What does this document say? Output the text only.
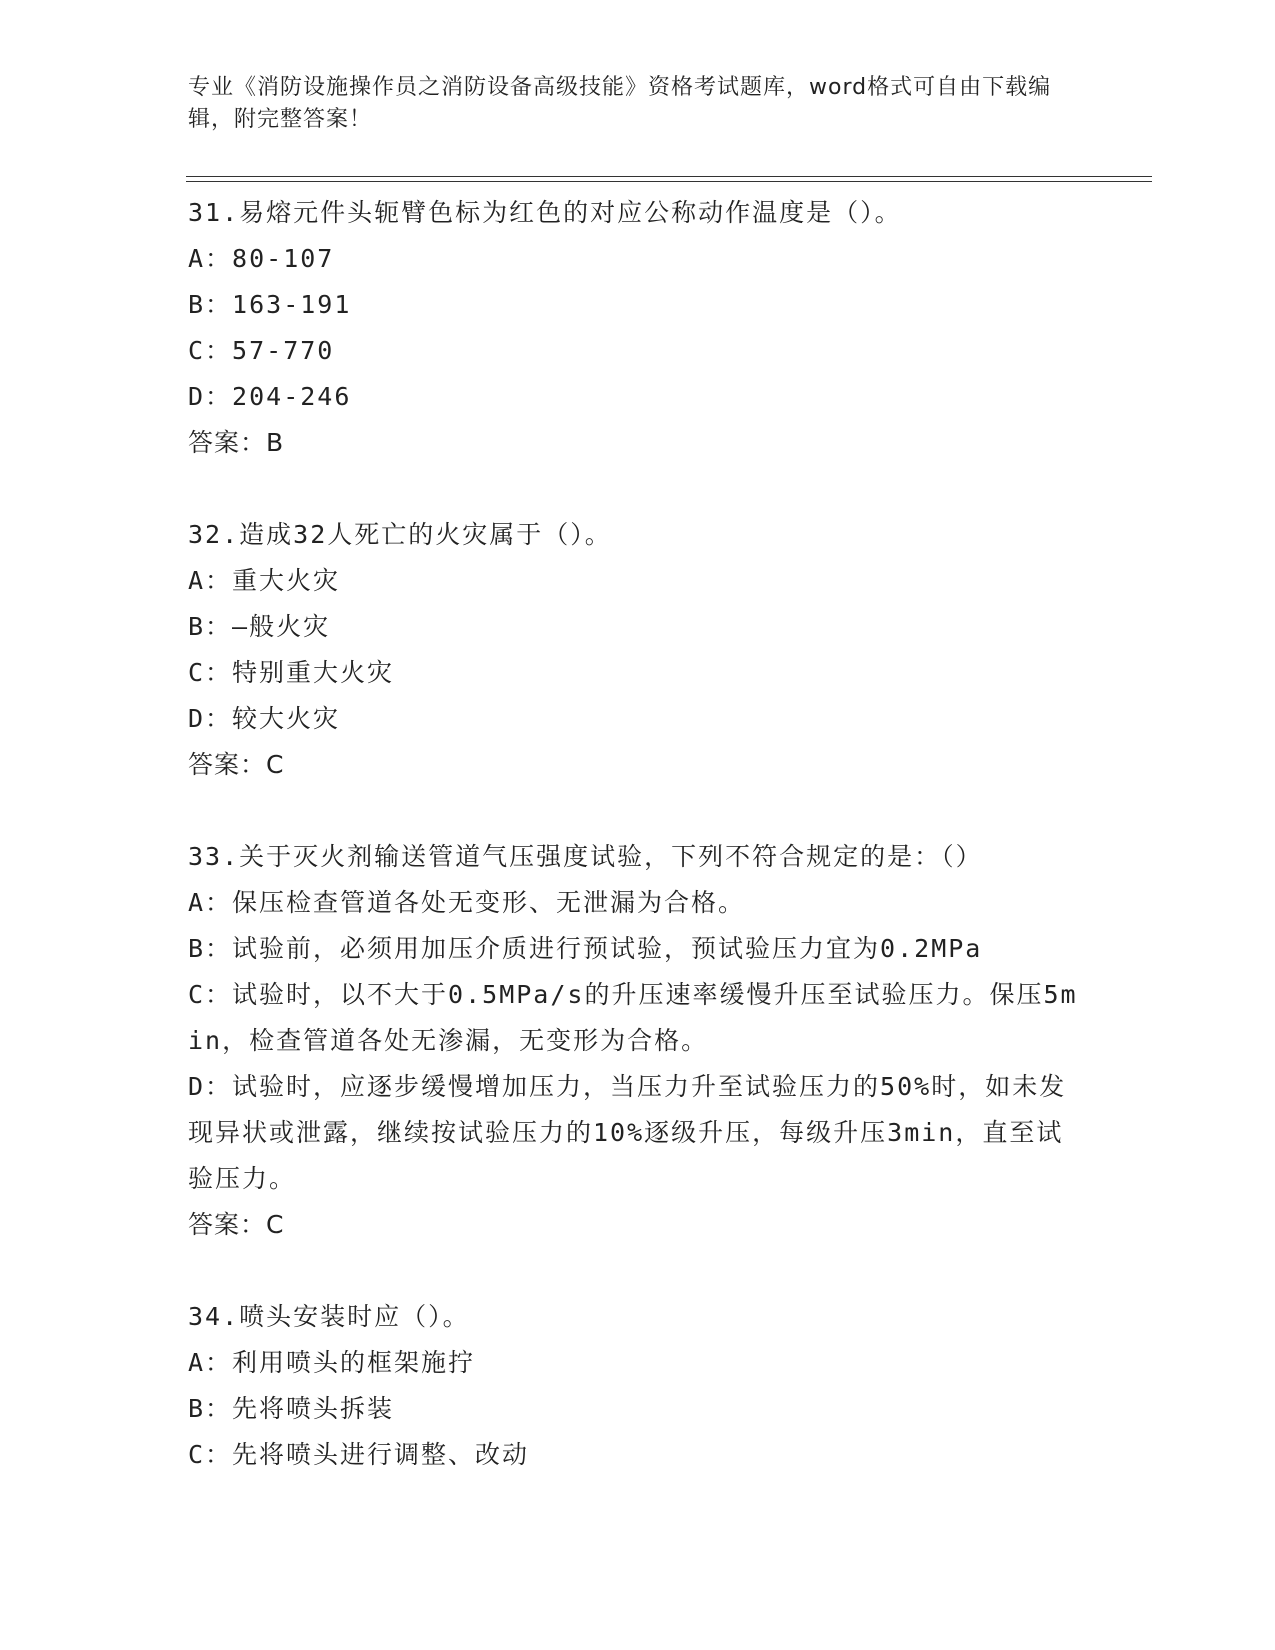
专业《消防设施操作员之消防设备高级技能》资格考试题库，word格式可自由下载编辑，附完整答案！
31.易熔元件头轭臂色标为红色的对应公称动作温度是（）。
A：80-107
B：163-191
C：57-770
D：204-246
答案：B
32.造成32人死亡的火灾属于（）。
A：重大火灾
B：—般火灾
C：特别重大火灾
D：较大火灾
答案：C
33.关于灭火剂输送管道气压强度试验，下列不符合规定的是：（）
A：保压检查管道各处无变形、无泄漏为合格。
B：试验前，必须用加压介质进行预试验，预试验压力宜为0.2MPa
C：试验时，以不大于0.5MPa/s的升压速率缓慢升压至试验压力。保压5min，检查管道各处无渗漏，无变形为合格。
D：试验时，应逐步缓慢增加压力，当压力升至试验压力的50%时，如未发现异状或泄露，继续按试验压力的10%逐级升压，每级升压3min，直至试验压力。
答案：C
34.喷头安装时应（）。
A：利用喷头的框架施拧
B：先将喷头拆装
C：先将喷头进行调整、改动
